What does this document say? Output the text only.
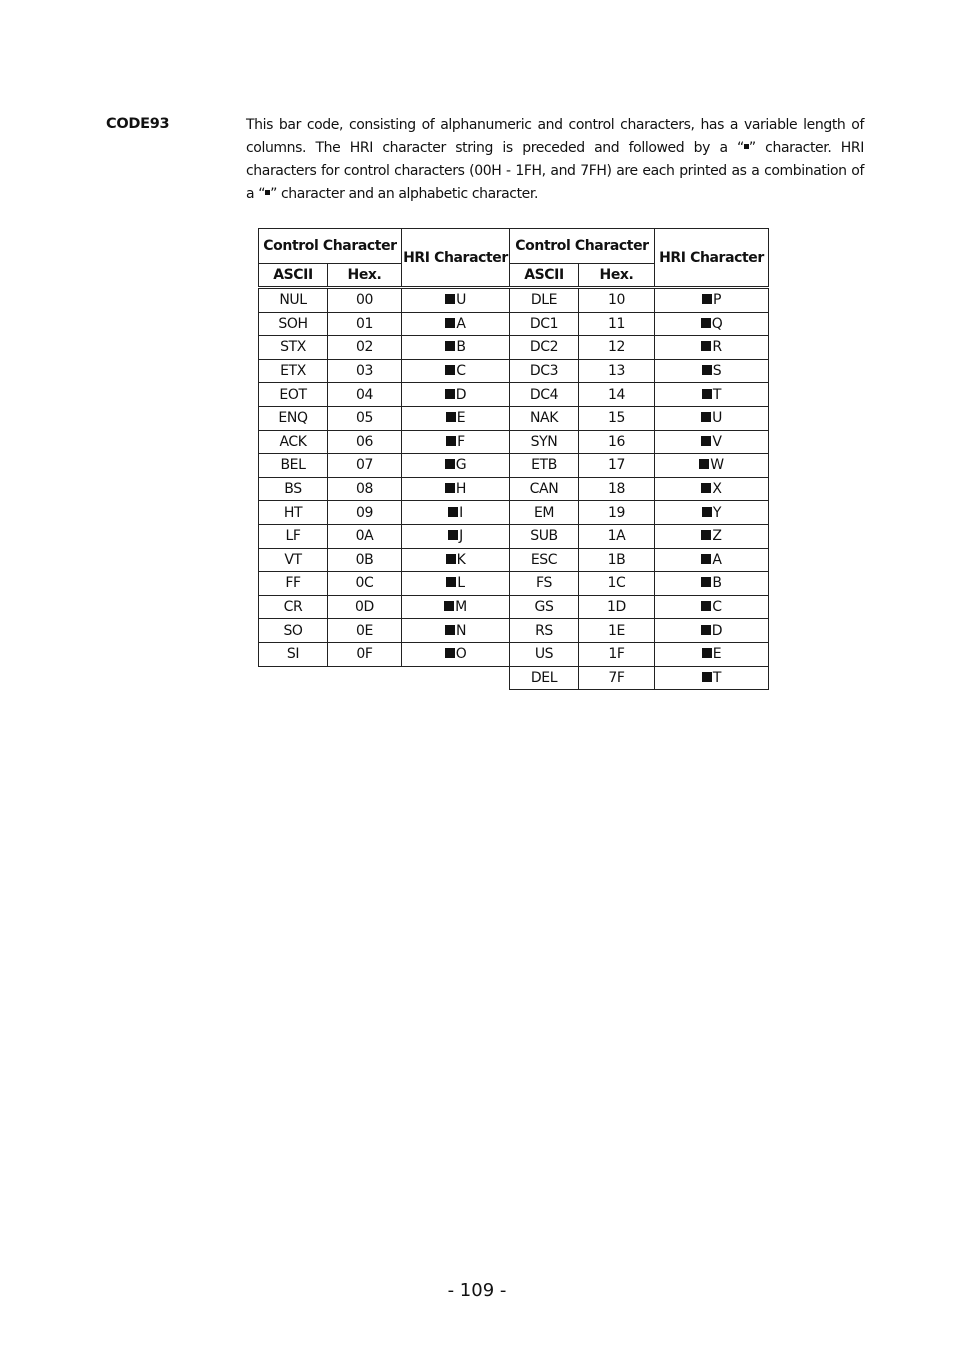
CODE93	This bar code, consisting of alphanumeric and control characters, has a variable length of columns. The HRI character string is preceded and followed by a “ ” character. HRI characters for control characters (00H - 1FH, and 7FH) are each printed as a combination of a “ ” character and an alphabetic character.

Control Character		HRI Character	Control Character		HRI Character
ASCII	Hex.		ASCII	Hex.	
NUL	00	U	DLE	10	P
SOH	01	A	DC1	11	Q
STX	02	B	DC2	12	R
ETX	03	C	DC3	13	S
EOT	04	D	DC4	14	T
ENQ	05	E	NAK	15	U
ACK	06	F	SYN	16	V
BEL	07	G	ETB	17	W
BS	08	H	CAN	18	X
HT	09	I	EM	19	Y
LF	0A	J	SUB	1A	Z
VT	0B	K	ESC	1B	A
FF	0C	L	FS	1C	B
CR	0D	M	GS	1D	C
SO	0E	N	RS	1E	D
SI	0F	O	US	1F	E
			DEL	7F	T
- 109 -
